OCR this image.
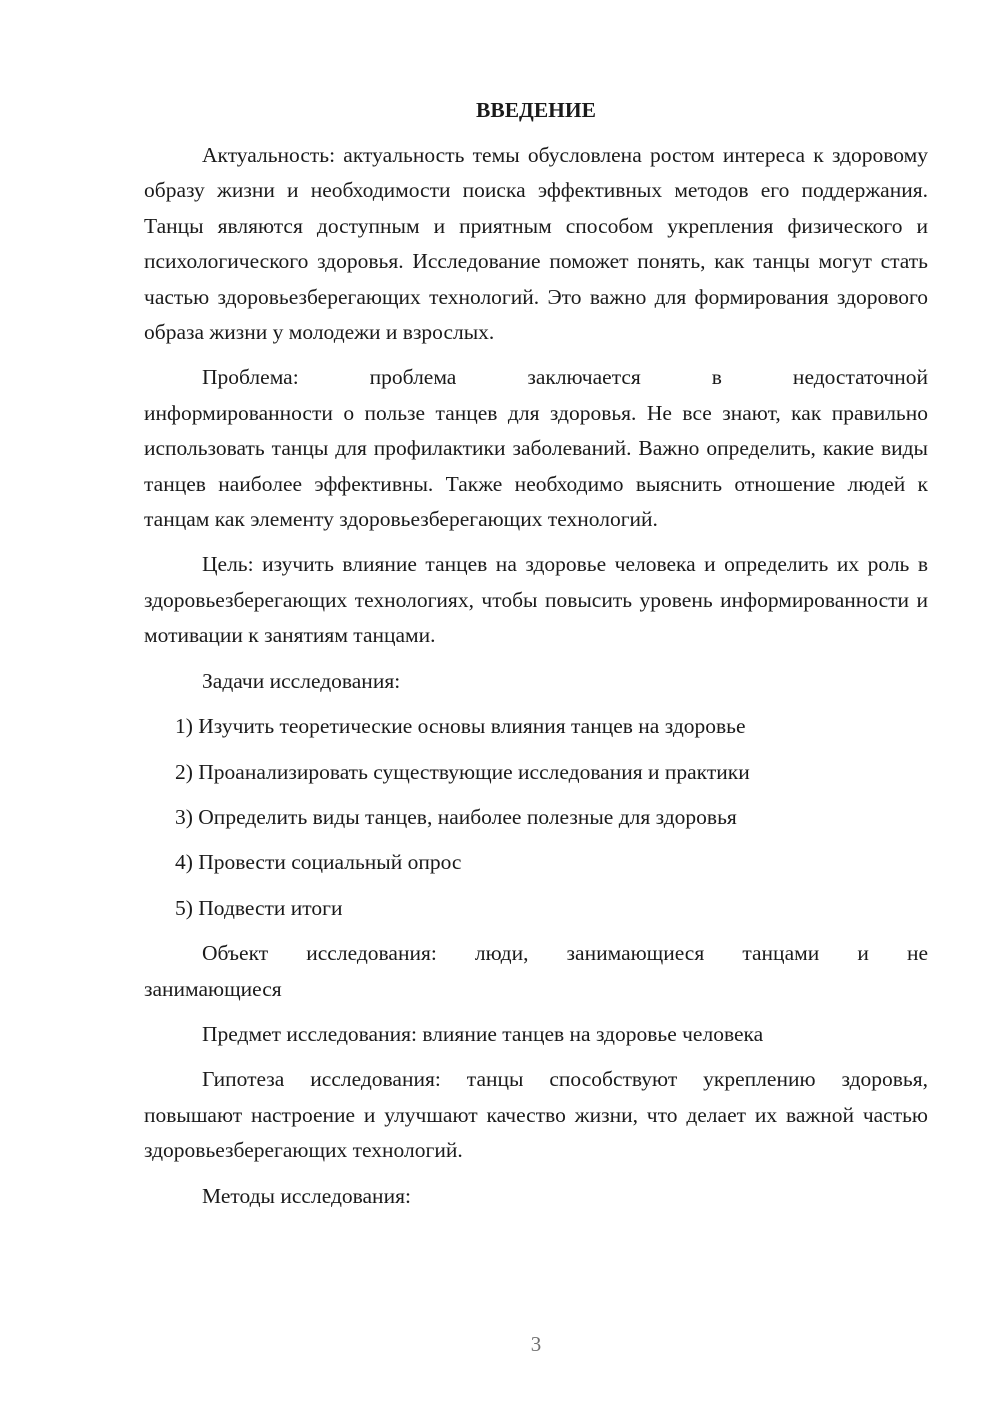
ВВЕДЕНИЕ

Актуальность: актуальность темы обусловлена ростом интереса к здоровому образу жизни и необходимости поиска эффективных методов его поддержания. Танцы являются доступным и приятным способом укрепления физического и психологического здоровья. Исследование поможет понять, как танцы могут стать частью здоровьезберегающих технологий. Это важно для формирования здорового образа жизни у молодежи и взрослых.

Проблема: проблема заключается в недостаточной
информированности о пользе танцев для здоровья. Не все знают, как правильно использовать танцы для профилактики заболеваний. Важно определить, какие виды танцев наиболее эффективны. Также необходимо выяснить отношение людей к танцам как элементу здоровьезберегающих технологий.

Цель: изучить влияние танцев на здоровье человека и определить их роль в здоровьезберегающих технологиях, чтобы повысить уровень информированности и мотивации к занятиям танцами.

Задачи исследования:

1) Изучить теоретические основы влияния танцев на здоровье
2) Проанализировать существующие исследования и практики
3) Определить виды танцев, наиболее полезные для здоровья
4) Провести социальный опрос
5) Подвести итоги

Объект исследования: люди, занимающиеся танцами и не
занимающиеся

Предмет исследования: влияние танцев на здоровье человека

Гипотеза исследования: танцы способствуют укреплению здоровья, повышают настроение и улучшают качество жизни, что делает их важной частью здоровьезберегающих технологий.

Методы исследования:

3
